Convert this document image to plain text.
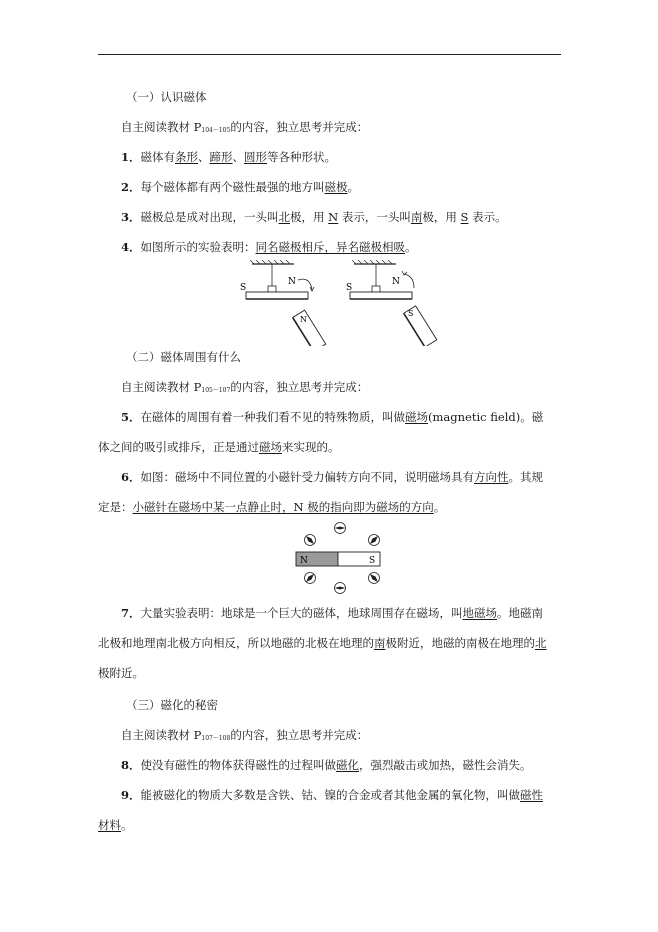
（一）认识磁体
自主阅读教材 P104～105的内容，独立思考并完成：
1．磁体有条形、蹄形、圆形等各种形状。
2．每个磁体都有两个磁性最强的地方叫磁极。
3．磁极总是成对出现，一头叫北极，用 N 表示，一头叫南极，用 S 表示。
4．如图所示的实验表明：同名磁极相斥，异名磁极相吸。
S
N
N
S
N
S
（二）磁体周围有什么
自主阅读教材 P105～107的内容，独立思考并完成：
5．在磁体的周围有着一种我们看不见的特殊物质，叫做磁场(magnetic field)。磁
体之间的吸引或排斥，正是通过磁场来实现的。
6．如图：磁场中不同位置的小磁针受力偏转方向不同，说明磁场具有方向性。其规
定是：小磁针在磁场中某一点静止时，N 极的指向即为磁场的方向。
N	S
7．大量实验表明：地球是一个巨大的磁体，地球周围存在磁场，叫地磁场。地磁南
北极和地理南北极方向相反，所以地磁的北极在地理的南极附近，地磁的南极在地理的北
极附近。
（三）磁化的秘密
自主阅读教材 P107～108的内容，独立思考并完成：
8．使没有磁性的物体获得磁性的过程叫做磁化，强烈敲击或加热，磁性会消失。
9．能被磁化的物质大多数是含铁、钴、镍的合金或者其他金属的氧化物，叫做磁性
材料。
